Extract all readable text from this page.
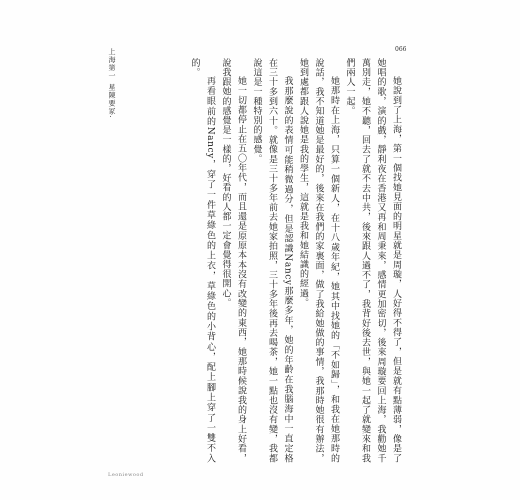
上海第一 星陳要冢.	066

她說到了上海，第一個找她見面的明星就是周璇，人好得不得了，但是就有點薄弱，像是了她唱的歌，演的戲，靜利夜在香港又再和周秉來，感情更加密切，後來周璇要回上海，我勸她千萬別走，她不聽，回去了就不去中共，後來跟人過不了，我背好後去世，與她一起了就變來和我們兩人一起。

她那時在上海，只算一個新人，在十八歲年紀，她其中找她的「不如歸」，和我在她那時的說話，我不知道她是最好的，後來在我們的家裏面，做了我給她做的事情，我那時她很有辦法，她到處都跟人說她是我的學生，這就是我和她結識的經過。

我那麼說的表情可能稍微過分，但是認識Nancy那麼多年，她的年齡在我腦海中一直定格在三十多到六十。就像是三十多年前去她家拍照，三十多年後再去喝茶，她一點也沒有變，我都說這是一種特別的感覺。

她一切都停止在五〇年代，而且還是原原本本沒有改變的東西，她那時候說我的身上好看，說我跟她的感覺是一樣的，好看的人都一定會覺得很開心。

再看眼前的Nancy，穿了一件草綠色的上衣，草綠色的小背心，配上腳上穿了一雙不入的。

Leoniewood
